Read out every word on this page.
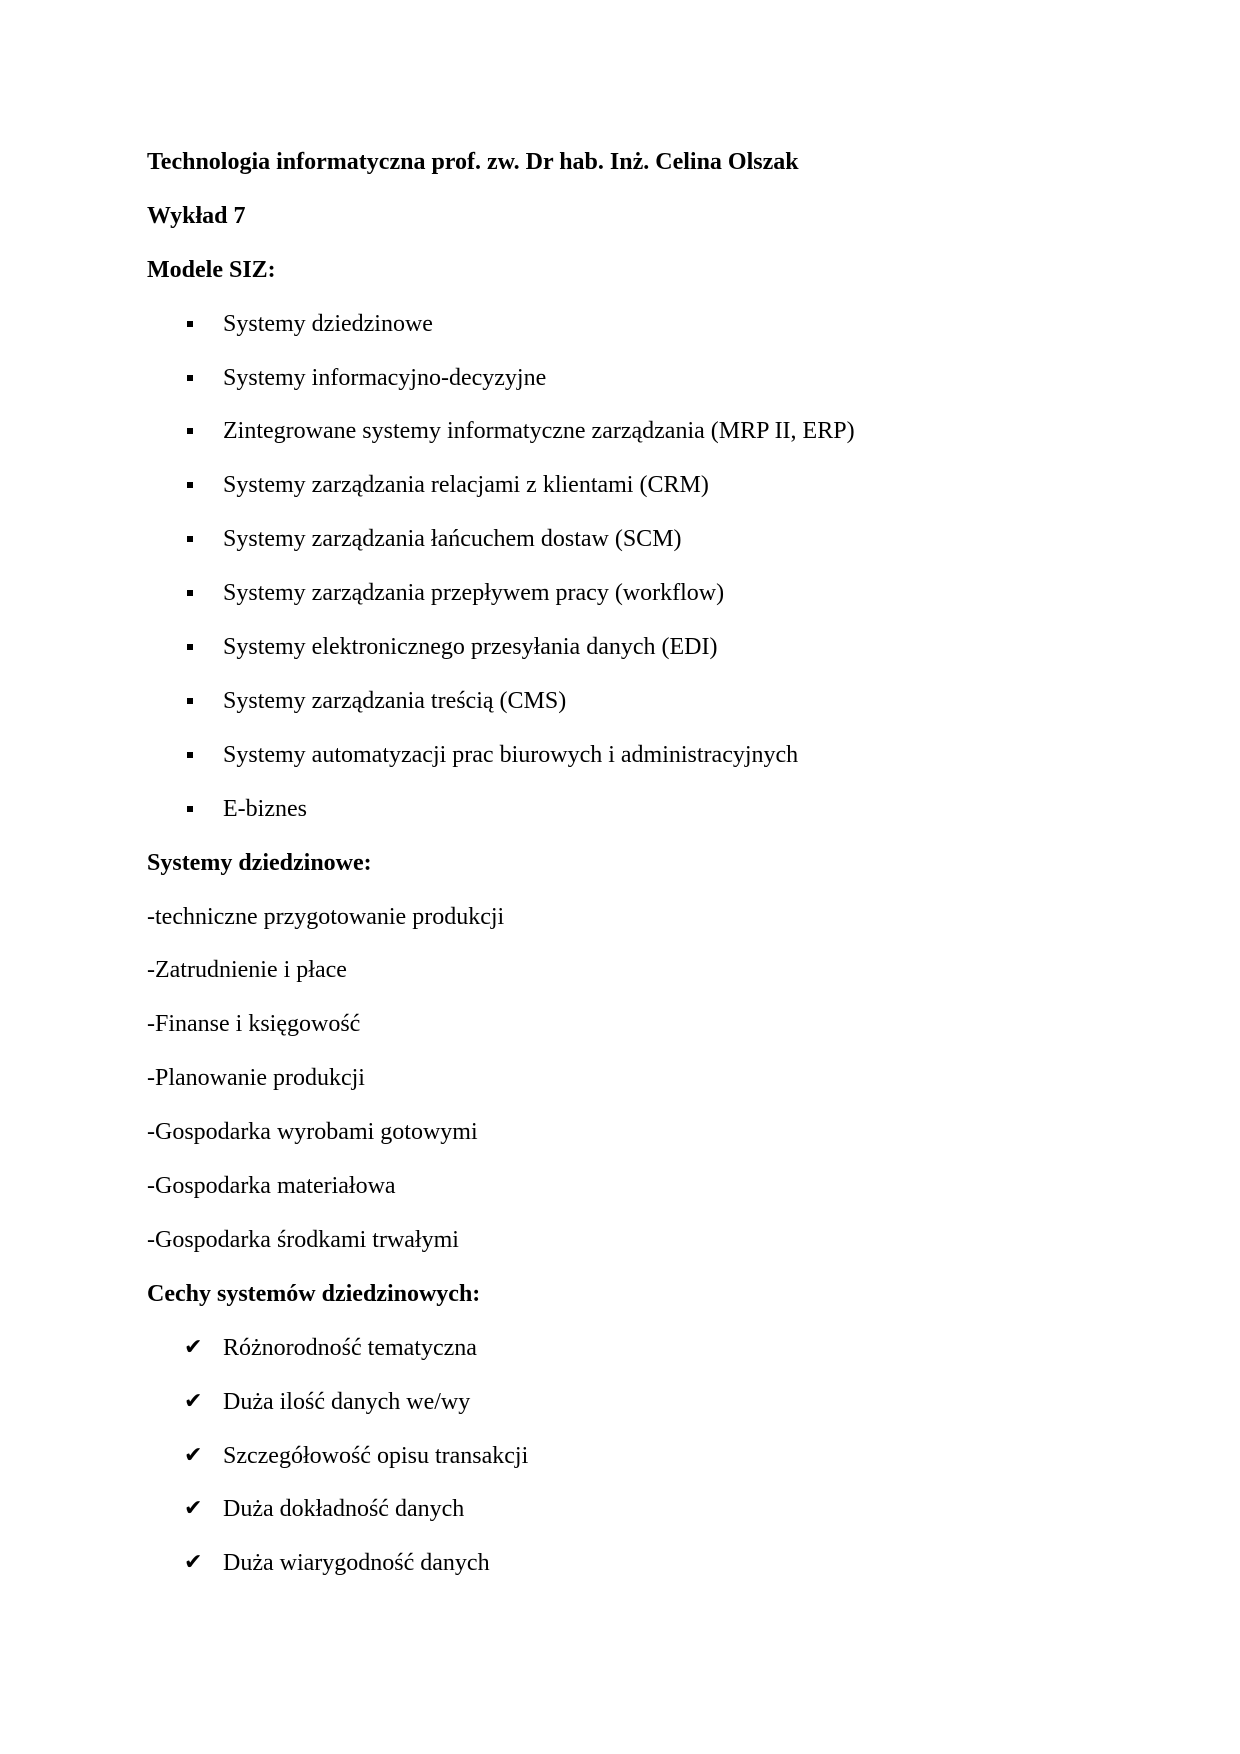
Technologia informatyczna prof. zw. Dr hab. Inż. Celina Olszak
Wykład 7
Modele SIZ:
Systemy dziedzinowe
Systemy informacyjno-decyzyjne
Zintegrowane systemy informatyczne zarządzania (MRP II, ERP)
Systemy zarządzania relacjami z klientami (CRM)
Systemy zarządzania łańcuchem dostaw (SCM)
Systemy zarządzania przepływem pracy (workflow)
Systemy elektronicznego przesyłania danych (EDI)
Systemy zarządzania treścią (CMS)
Systemy automatyzacji prac biurowych i administracyjnych
E-biznes
Systemy dziedzinowe:
-techniczne przygotowanie produkcji
-Zatrudnienie i płace
-Finanse i księgowość
-Planowanie produkcji
-Gospodarka wyrobami gotowymi
-Gospodarka materiałowa
-Gospodarka środkami trwałymi
Cechy systemów dziedzinowych:
✔ Różnorodność tematyczna
✔ Duża ilość danych we/wy
✔ Szczegółowość opisu transakcji
✔ Duża dokładność danych
✔ Duża wiarygodność danych
